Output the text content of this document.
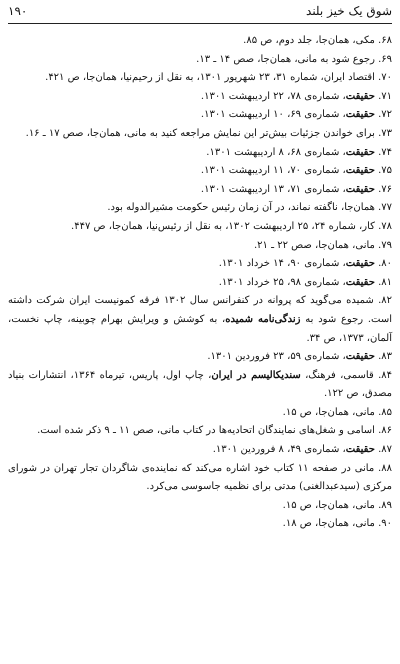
شوق یک خیز بلند
۱۹۰
۶۸. مکی، همان‌جا، جلد دوم، ص ۸۵.
۶۹. رجوع شود به مانی، همان‌جا، صص ۱۴ ـ ۱۳.
۷۰. اقتصاد ایران، شماره ۳۱، ۲۳ شهریور ۱۳۰۱، به نقل از رحیم‌نیا، همان‌جا، ص ۴۲۱.
۷۱. حقیقت، شماره‌ی ۷۸، ۲۲ اردیبهشت ۱۳۰۱.
۷۲. حقیقت، شماره‌ی ۶۹، ۱۰ اردیبهشت ۱۳۰۱.
۷۳. برای خواندن جزئیات بیش‌تر این نمایش مراجعه کنید به مانی، همان‌جا، صص ۱۷ ـ ۱۶.
۷۴. حقیقت، شماره‌ی ۶۸، ۸ اردیبهشت ۱۳۰۱.
۷۵. حقیقت، شماره‌ی ۷۰، ۱۱ اردیبهشت ۱۳۰۱.
۷۶. حقیقت، شماره‌ی ۷۱، ۱۳ اردیبهشت ۱۳۰۱.
۷۷. همان‌جا، ناگفته نماند، در آن زمان رئیس حکومت مشیرالدوله بود.
۷۸. کار، شماره ۲۴، ۲۵ اردیبهشت ۱۳۰۲، به نقل از رئیس‌نیا، همان‌جا، ص ۴۴۷.
۷۹. مانی، همان‌جا، صص ۲۲ ـ ۲۱.
۸۰. حقیقت، شماره‌ی ۹۰، ۱۴ خرداد ۱۳۰۱.
۸۱. حقیقت، شماره‌ی ۹۸، ۲۵ خرداد ۱۳۰۱.
۸۲. شمیده می‌گوید که پروانه در کنفرانس سال ۱۳۰۲ فرقه کمونیست ایران شرکت داشته است. رجوع شود به زندگی‌نامه شمیده، به کوشش و ویرایش بهرام چوبینه، چاپ نخست، آلمان، ۱۳۷۳، ص ۳۴.
۸۳. حقیقت، شماره‌ی ۵۹، ۲۳ فروردین ۱۳۰۱.
۸۴. قاسمی، فرهنگ، سندیکالیسم در ایران، چاپ اول، پاریس، تیرماه ۱۳۶۴، انتشارات بنیاد مصدق، ص ۱۲۲.
۸۵. مانی، همان‌جا، ص ۱۵.
۸۶. اسامی و شغل‌های نمایندگان اتحادیه‌ها در کتاب مانی، صص ۱۱ ـ ۹ ذکر شده است.
۸۷. حقیقت، شماره‌ی ۴۹، ۸ فروردین ۱۳۰۱.
۸۸. مانی در صفحه ۱۱ کتاب خود اشاره می‌کند که نماینده‌ی شاگردان تجار تهران در شورای مرکزی (سیدعبدالغنی) مدتی برای نظمیه جاسوسی می‌کرد.
۸۹. مانی، همان‌جا، ص ۱۵.
۹۰. مانی، همان‌جا، ص ۱۸.
